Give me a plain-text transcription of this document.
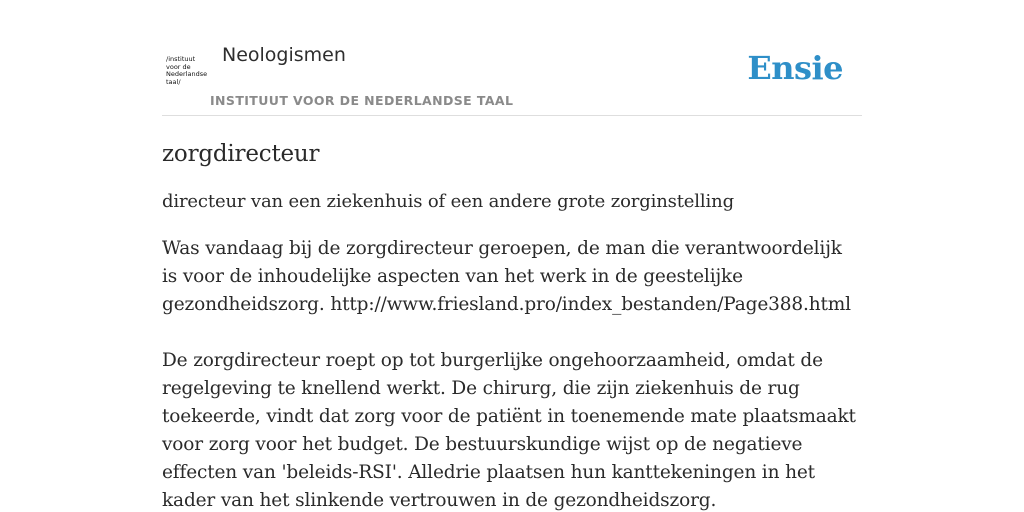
/instituut
voor de
Nederlandse
taal/
Neologismen
INSTITUUT VOOR DE NEDERLANDSE TAAL
Ensie
zorgdirecteur

directeur van een ziekenhuis of een andere grote zorginstelling

Was vandaag bij de zorgdirecteur geroepen, de man die verantwoordelijk is voor de inhoudelijke aspecten van het werk in de geestelijke gezondheidszorg. http://www.friesland.pro/index_bestanden/Page388.html
De zorgdirecteur roept op tot burgerlijke ongehoorzaamheid, omdat de regelgeving te knellend werkt. De chirurg, die zijn ziekenhuis de rug toekeerde, vindt dat zorg voor de patiënt in toenemende mate plaatsmaakt voor zorg voor het budget. De bestuurskundige wijst op de negatieve effecten van 'beleids-RSI'. Alledrie plaatsen hun kanttekeningen in het kader van het slinkende vertrouwen in de gezondheidszorg.
